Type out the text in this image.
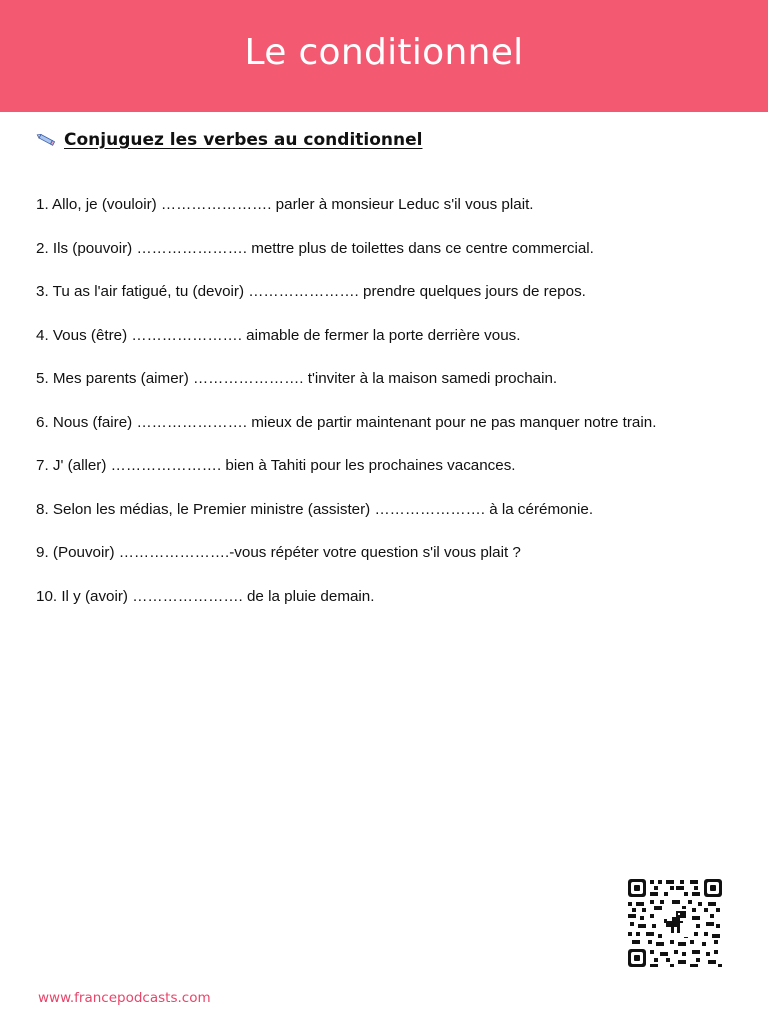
Le conditionnel
Conjuguez les verbes au conditionnel
1. Allo, je (vouloir) …………………. parler à monsieur Leduc s'il vous plait.
2. Ils (pouvoir) …………………. mettre plus de toilettes dans ce centre commercial.
3. Tu as l'air fatigué, tu (devoir) …………………. prendre quelques jours de repos.
4. Vous (être) …………………. aimable de fermer la porte derrière vous.
5. Mes parents (aimer) …………………. t'inviter à la maison samedi prochain.
6. Nous (faire) …………………. mieux de partir maintenant pour ne pas manquer notre train.
7. J' (aller) …………………. bien à Tahiti pour les prochaines vacances.
8. Selon les médias, le Premier ministre (assister) …………………. à la cérémonie.
9. (Pouvoir) ………………….-vous répéter votre question s'il vous plait ?
10. Il y (avoir) …………………. de la pluie demain.
www.francepodcasts.com
